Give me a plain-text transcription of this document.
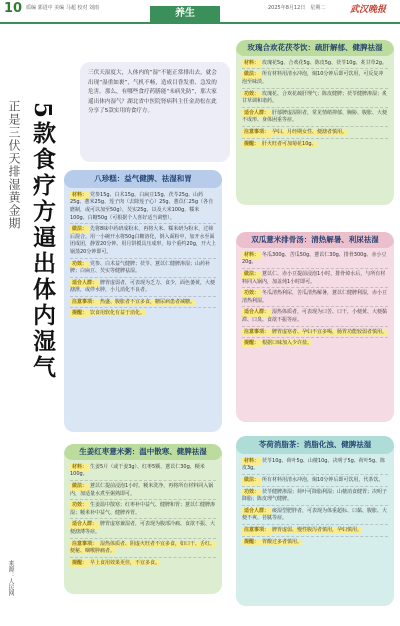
10 质编 郭进中 美编 马超 校对 刘雨	2025年8月12日　星期二	武汉晚报
养生
正是三伏天排湿黄金期 5款食疗方逼出体内湿气
来源：人民网

三伏天湿度大，人体内的“湿”不能正常排出去，就会出现“湿重如裹”，气机不畅，造成目昏发重、急发的危害。那么，有哪些食疗药膳能“未病先防”，那大家遥出体内湿气？湖北省中医院肾病科主任金劲松在此分享了5款实用的食疗方。

玫瑰合欢花茯苓饮：疏肝解郁、健脾祛湿
材料： 玫瑰花5g、合欢花5g、陈皮5g、茯苓10g、炙甘草2g。
做法： 所有材料用清水冲泡，焖10分钟后即可饮用，可反复冲泡至味淡。
功效： 玫瑰花、合欢花疏肝理气；陈皮健脾；茯苓健脾渗湿；炙甘草调和诸药。
适合人群： 肝郁脾虚湿阻者，常见情绪抑郁、胸胁、腹胀、大便不成形、身体困重等症。
注意事项： 孕妇、月经期女性、便溏者慎用。
提醒： 肝火旺者可加菊花10g。
八珍糕：益气健脾、祛湿和胃
材料： 党参15g、白术15g、白扁豆15g、茯苓25g、山药25g、薏米25g、莲子肉（去除莲子心）25g、薏苡仁25g（各自磨制，或可以加至50g），芡实25g，以及大米100g、糯米100g、白糖50g（可根据个人喜好适当调整）。
做法： 先将8味中药研成粉末，再将大米、糯米研为粉末，过筛后混合。用一小碗开水将50g白糖溶化，倒入面粉中，加开水至面团成团，静置20分钟。用月饼模具压成形，每个重约20g，开大上锅蒸20分钟即可。
功效： 党参、白术益气健脾；茯苓、薏苡仁健脾渗湿；山药补脾；白扁豆、芡实等健脾祛湿。
适合人群： 脾胃虚弱者，可表现为乏力、食少，面色萎黄，大便溏泄，或伴水肿，小儿消化不良者。
注意事项： 热盛、腹胀者不宜多食，糖尿病患者减糖。
提醒： 饮食用软化有益于消化。
双瓜薏米排骨汤：清热解暑、利尿祛湿
材料： 冬瓜300g、苦瓜50g、薏苡仁30g、排骨300g、赤小豆20g。
做法： 薏苡仁、赤小豆提前浸泡1小时，排骨焯水后，与所有材料同入锅内，加盖炖1小时即可。
功效： 冬瓜清热利尿，苦瓜清热解暑，薏苡仁健脾利湿，赤小豆清热利湿。
适合人群： 湿热体质者，可表现为口苦、口干，小便黄、大便黏滞、口臭、食欲不振等症。
注意事项： 脾胃虚寒者、孕妇不宜多喝，肠胃功能较弱者慎用。
提醒： 根据口味加入少许盐。
生姜红枣薏米粥：温中散寒、健脾祛湿
材料： 生姜5片（或干姜3g）、红枣5颗、薏苡仁30g、粳米100g。
做法： 薏苡仁提前浸泡1小时，粳米洗净，再将所有材料同入锅内，加适量水煮至粥熟即可。
功效： 生姜温中散寒；红枣补中益气、健脾和胃；薏苡仁健脾渗湿；粳米补中益气、健脾养胃。
适合人群： 脾胃虚寒兼湿者，可表现为腹部冷痛、食欲不振、大便溏薄等症。
注意事项： 湿热体质者、阴虚火旺者不宜多食，如口干、舌红、便秘、咽喉肿痛者。
提醒： 早上食用效果更佳，不宜多食。
苓荷消脂茶：消脂化浊、健脾祛湿
材料： 茯苓10g、荷叶5g、山楂10g、决明子5g、荷叶5g、陈皮3g。
做法： 所有材料用清水冲泡，焖10分钟后即可饮用，代茶饮。
功效： 茯苓健脾渗湿；荷叶可降脂利湿；山楂消食健胃；决明子降脂；陈皮理气健脾。
适合人群： 痰湿型肥胖者，可表现为体重超标、口黏、腹胀、大便不爽、苔腻等症。
注意事项： 脾胃虚弱、慢性腹泻者慎用，孕妇慎用。
提醒： 胃酸过多者慎用。
